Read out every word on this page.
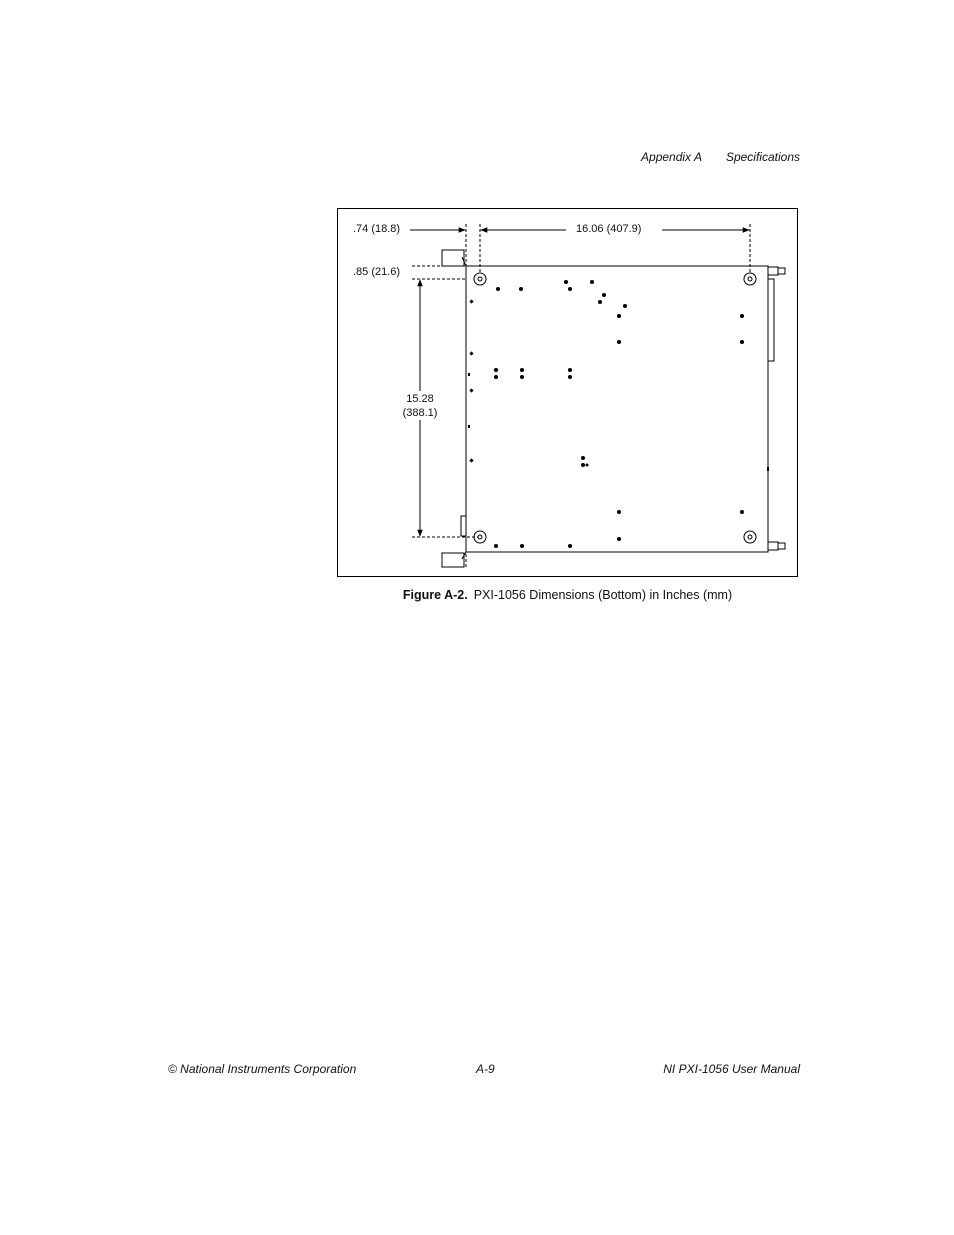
Appendix A Specifications
.74 (18.8)	16.06 (407.9)
.85 (21.6)
15.28
(388.1)
Figure A-2. PXI-1056 Dimensions (Bottom) in Inches (mm)
© National Instruments Corporation	A-9	NI PXI-1056 User Manual
